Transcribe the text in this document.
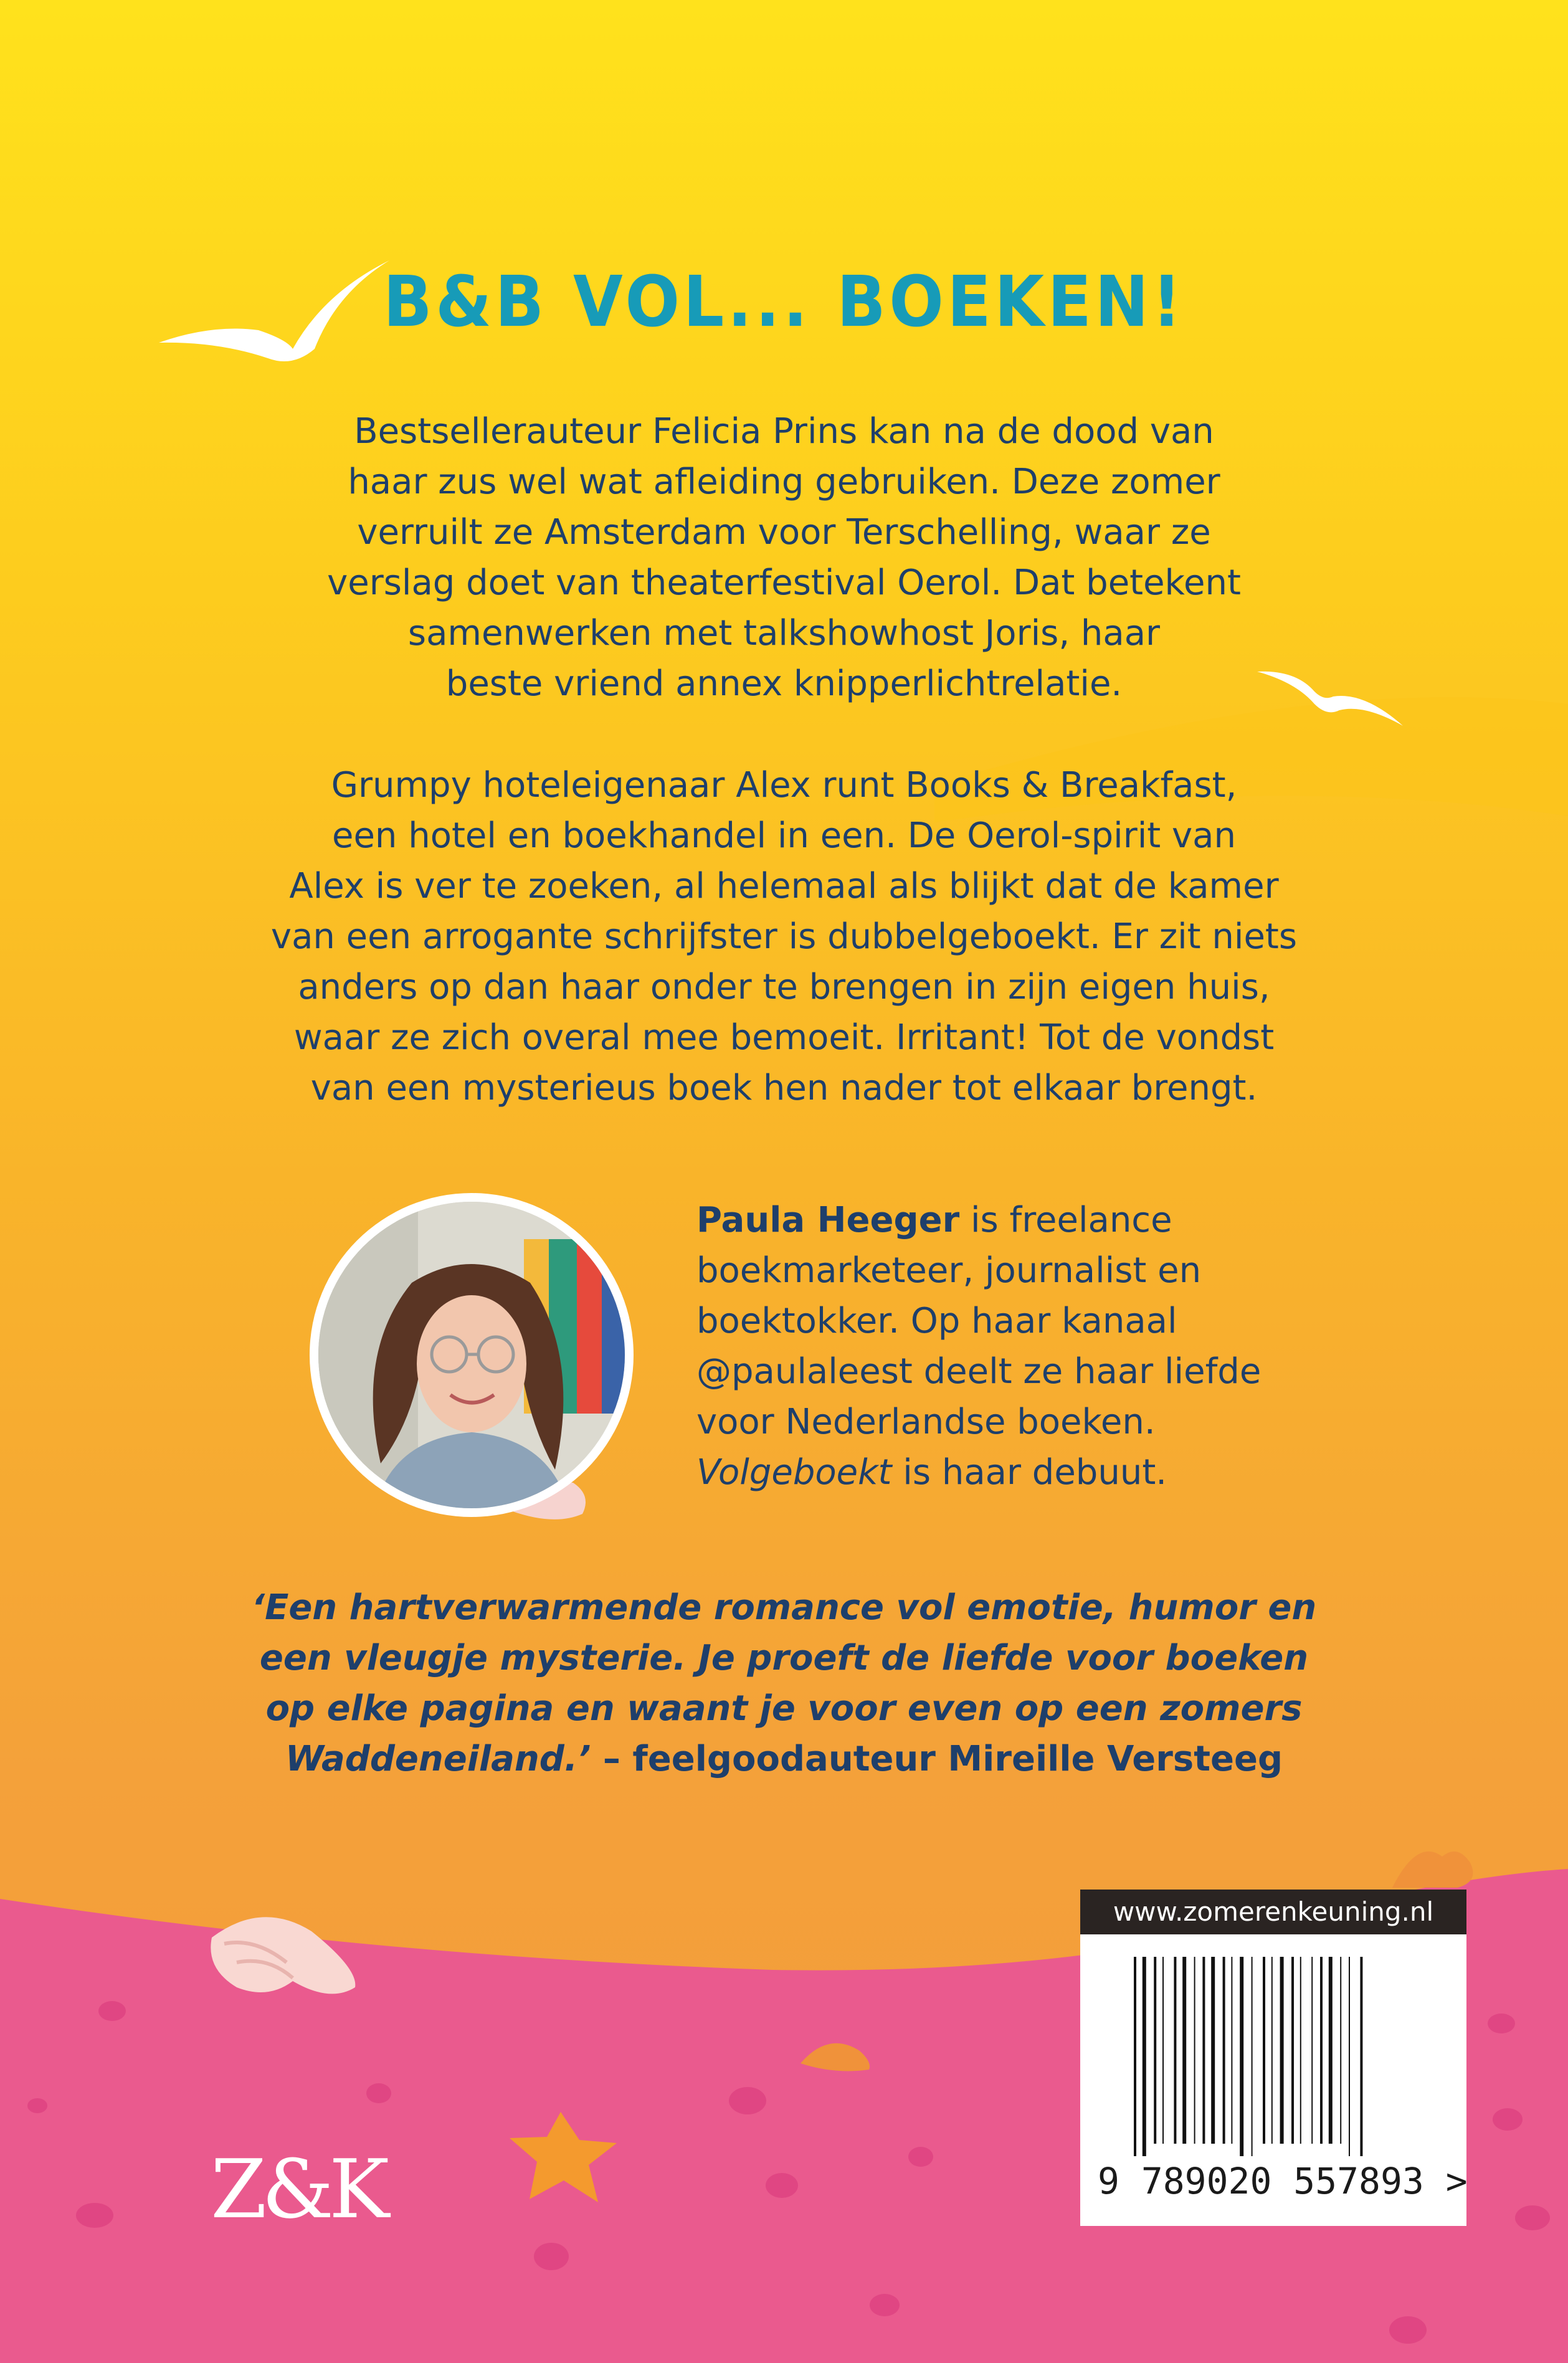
B&B VOL... BOEKEN!
Bestsellerauteur Felicia Prins kan na de dood van
haar zus wel wat afleiding gebruiken. Deze zomer
verruilt ze Amsterdam voor Terschelling, waar ze
verslag doet van theaterfestival Oerol. Dat betekent
samenwerken met talkshowhost Joris, haar
beste vriend annex knipperlichtrelatie.
Grumpy hoteleigenaar Alex runt Books & Breakfast,
een hotel en boekhandel in een. De Oerol-spirit van
Alex is ver te zoeken, al helemaal als blijkt dat de kamer
van een arrogante schrijfster is dubbelgeboekt. Er zit niets
anders op dan haar onder te brengen in zijn eigen huis,
waar ze zich overal mee bemoeit. Irritant! Tot de vondst
van een mysterieus boek hen nader tot elkaar brengt.
Paula Heeger is freelance
boekmarketeer, journalist en
boektokker. Op haar kanaal
@paulaleest deelt ze haar liefde
voor Nederlandse boeken.
Volgeboekt is haar debuut.
‘Een hartverwarmende romance vol emotie, humor en
een vleugje mysterie. Je proeft de liefde voor boeken
op elke pagina en waant je voor even op een zomers
Waddeneiland.’ – feelgoodauteur Mireille Versteeg
www.zomerenkeuning.nl
9 789020 557893 >
Z&K
